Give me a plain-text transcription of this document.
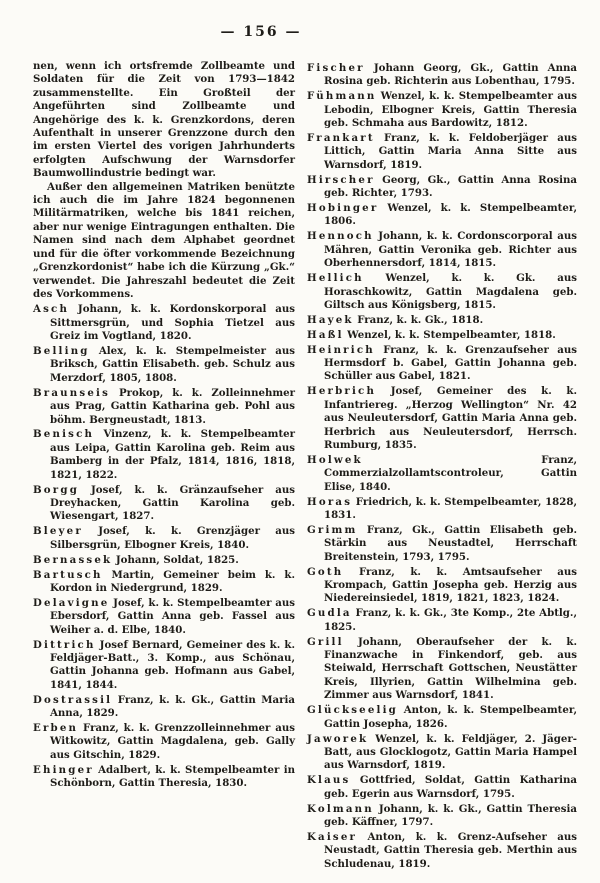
— 156 —

nen, wenn ich ortsfremde Zollbeamte und Soldaten für die Zeit von 1793—1842 zusammenstellte. Ein Großteil der Angeführten sind Zollbeamte und Angehörige des k. k. Grenzkordons, deren Aufenthalt in unserer Grenzzone durch den im ersten Viertel des vorigen Jahrhunderts erfolgten Aufschwung der Warnsdorfer Baumwollindustrie bedingt war.

Außer den allgemeinen Matriken benützte ich auch die im Jahre 1824 begonnenen Militärmatriken, welche bis 1841 reichen, aber nur wenige Eintragungen enthalten. Die Namen sind nach dem Alphabet geordnet und für die öfter vorkommende Bezeichnung „Grenzkordonist“ habe ich die Kürzung „Gk.“ verwendet. Die Jahreszahl bedeutet die Zeit des Vorkommens.

Asch Johann, k. k. Kordonskorporal aus Sittmersgrün, und Sophia Tietzel aus Greiz im Vogtland, 1820.

Belling Alex, k. k. Stempelmeister aus Briksch, Gattin Elisabeth. geb. Schulz aus Merzdorf, 1805, 1808.

Braunseis Prokop, k. k. Zolleinnehmer aus Prag, Gattin Katharina geb. Pohl aus böhm. Bergneustadt, 1813.

Benisch Vinzenz, k. k. Stempelbeamter aus Leipa, Gattin Karolina geb. Reim aus Bamberg in der Pfalz, 1814, 1816, 1818, 1821, 1822.

Borgg Josef, k. k. Gränzaufseher aus Dreyhacken, Gattin Karolina geb. Wiesengart, 1827.

Bleyer Josef, k. k. Grenzjäger aus Silbersgrün, Elbogner Kreis, 1840.

Bernassek Johann, Soldat, 1825.

Bartusch Martin, Gemeiner beim k. k. Kordon in Niedergrund, 1829.

Delavigne Josef, k. k. Stempelbeamter aus Ebersdorf, Gattin Anna geb. Fassel aus Weiher a. d. Elbe, 1840.

Dittrich Josef Bernard, Gemeiner des k. k. Feldjäger-Batt., 3. Komp., aus Schönau, Gattin Johanna geb. Hofmann aus Gabel, 1841, 1844.

Dostrassil Franz, k. k. Gk., Gattin Maria Anna, 1829.

Erben Franz, k. k. Grenzzolleinnehmer aus Witkowitz, Gattin Magdalena, geb. Gally aus Gitschin, 1829.

Ehinger Adalbert, k. k. Stempelbeamter in Schönborn, Gattin Theresia, 1830.

Fischer Johann Georg, Gk., Gattin Anna Rosina geb. Richterin aus Lobenthau, 1795.

Fühmann Wenzel, k. k. Stempelbeamter aus Lebodin, Elbogner Kreis, Gattin Theresia geb. Schmaha aus Bardowitz, 1812.

Frankart Franz, k. k. Feldoberjäger aus Littich, Gattin Maria Anna Sitte aus Warnsdorf, 1819.

Hirscher Georg, Gk., Gattin Anna Rosina geb. Richter, 1793.

Hobinger Wenzel, k. k. Stempelbeamter, 1806.

Hennoch Johann, k. k. Cordonscorporal aus Mähren, Gattin Veronika geb. Richter aus Oberhennersdorf, 1814, 1815.

Hellich Wenzel, k. k. Gk. aus Horaschkowitz, Gattin Magdalena geb. Giltsch aus Königsberg, 1815.

Hayek Franz, k. k. Gk., 1818.

Haßl Wenzel, k. k. Stempelbeamter, 1818.

Heinrich Franz, k. k. Grenzaufseher aus Hermsdorf b. Gabel, Gattin Johanna geb. Schüller aus Gabel, 1821.

Herbrich Josef, Gemeiner des k. k. Infantriereg. „Herzog Wellington“ Nr. 42 aus Neuleutersdorf, Gattin Maria Anna geb. Herbrich aus Neuleutersdorf, Herrsch. Rumburg, 1835.

Holwek Franz, Commerzialzollamtscontroleur, Gattin Elise, 1840.

Horas Friedrich, k. k. Stempelbeamter, 1828, 1831.

Grimm Franz, Gk., Gattin Elisabeth geb. Stärkin aus Neustadtel, Herrschaft Breitenstein, 1793, 1795.

Goth Franz, k. k. Amtsaufseher aus Krompach, Gattin Josepha geb. Herzig aus Niedereinsiedel, 1819, 1821, 1823, 1824.

Gudla Franz, k. k. Gk., 3te Komp., 2te Abtlg., 1825.

Grill Johann, Oberaufseher der k. k. Finanzwache in Finkendorf, geb. aus Steiwald, Herrschaft Gottschen, Neustätter Kreis, Illyrien, Gattin Wilhelmina geb. Zimmer aus Warnsdorf, 1841.

Glückseelig Anton, k. k. Stempelbeamter, Gattin Josepha, 1826.

Jaworek Wenzel, k. k. Feldjäger, 2. Jäger-Batt, aus Glocklogotz, Gattin Maria Hampel aus Warnsdorf, 1819.

Klaus Gottfried, Soldat, Gattin Katharina geb. Egerin aus Warnsdorf, 1795.

Kolmann Johann, k. k. Gk., Gattin Theresia geb. Käffner, 1797.

Kaiser Anton, k. k. Grenz-Aufseher aus Neustadt, Gattin Theresia geb. Merthin aus Schludenau, 1819.
